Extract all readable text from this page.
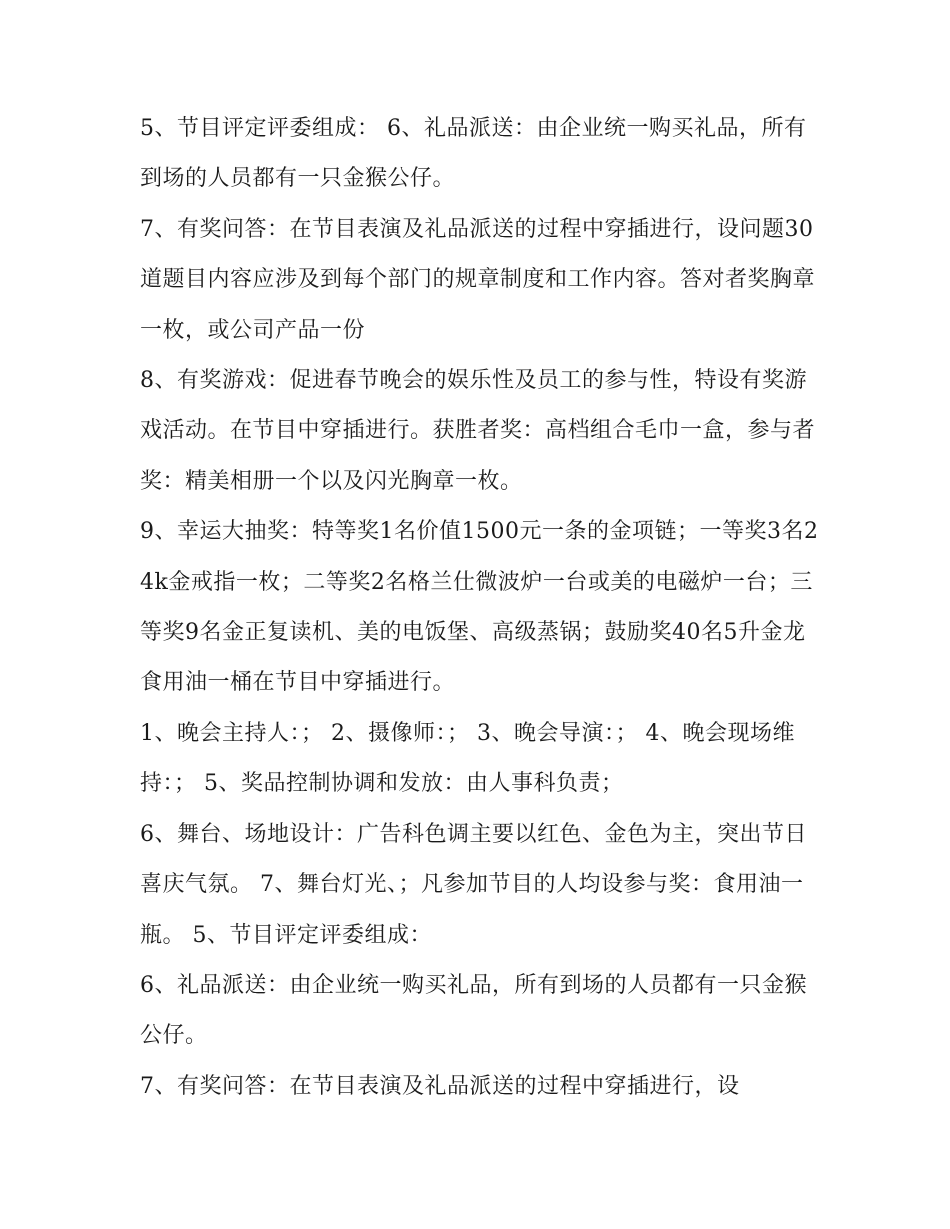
5、节目评定评委组成： 6、礼品派送：由企业统一购买礼品，所有到场的人员都有一只金猴公仔。

7、有奖问答：在节目表演及礼品派送的过程中穿插进行，设问题30道题目内容应涉及到每个部门的规章制度和工作内容。答对者奖胸章一枚，或公司产品一份

8、有奖游戏：促进春节晚会的娱乐性及员工的参与性，特设有奖游戏活动。在节目中穿插进行。获胜者奖：高档组合毛巾一盒，参与者奖：精美相册一个以及闪光胸章一枚。

9、幸运大抽奖：特等奖1名价值1500元一条的金项链；一等奖3名24k金戒指一枚；二等奖2名格兰仕微波炉一台或美的电磁炉一台；三等奖9名金正复读机、美的电饭堡、高级蒸锅；鼓励奖40名5升金龙食用油一桶在节目中穿插进行。

1、晚会主持人：； 2、摄像师：； 3、晚会导演：； 4、晚会现场维持：； 5、奖品控制协调和发放：由人事科负责；

6、舞台、场地设计：广告科色调主要以红色、金色为主，突出节日喜庆气氛。 7、舞台灯光、；凡参加节目的人均设参与奖：食用油一瓶。 5、节目评定评委组成：

6、礼品派送：由企业统一购买礼品，所有到场的人员都有一只金猴公仔。

7、有奖问答：在节目表演及礼品派送的过程中穿插进行，设
